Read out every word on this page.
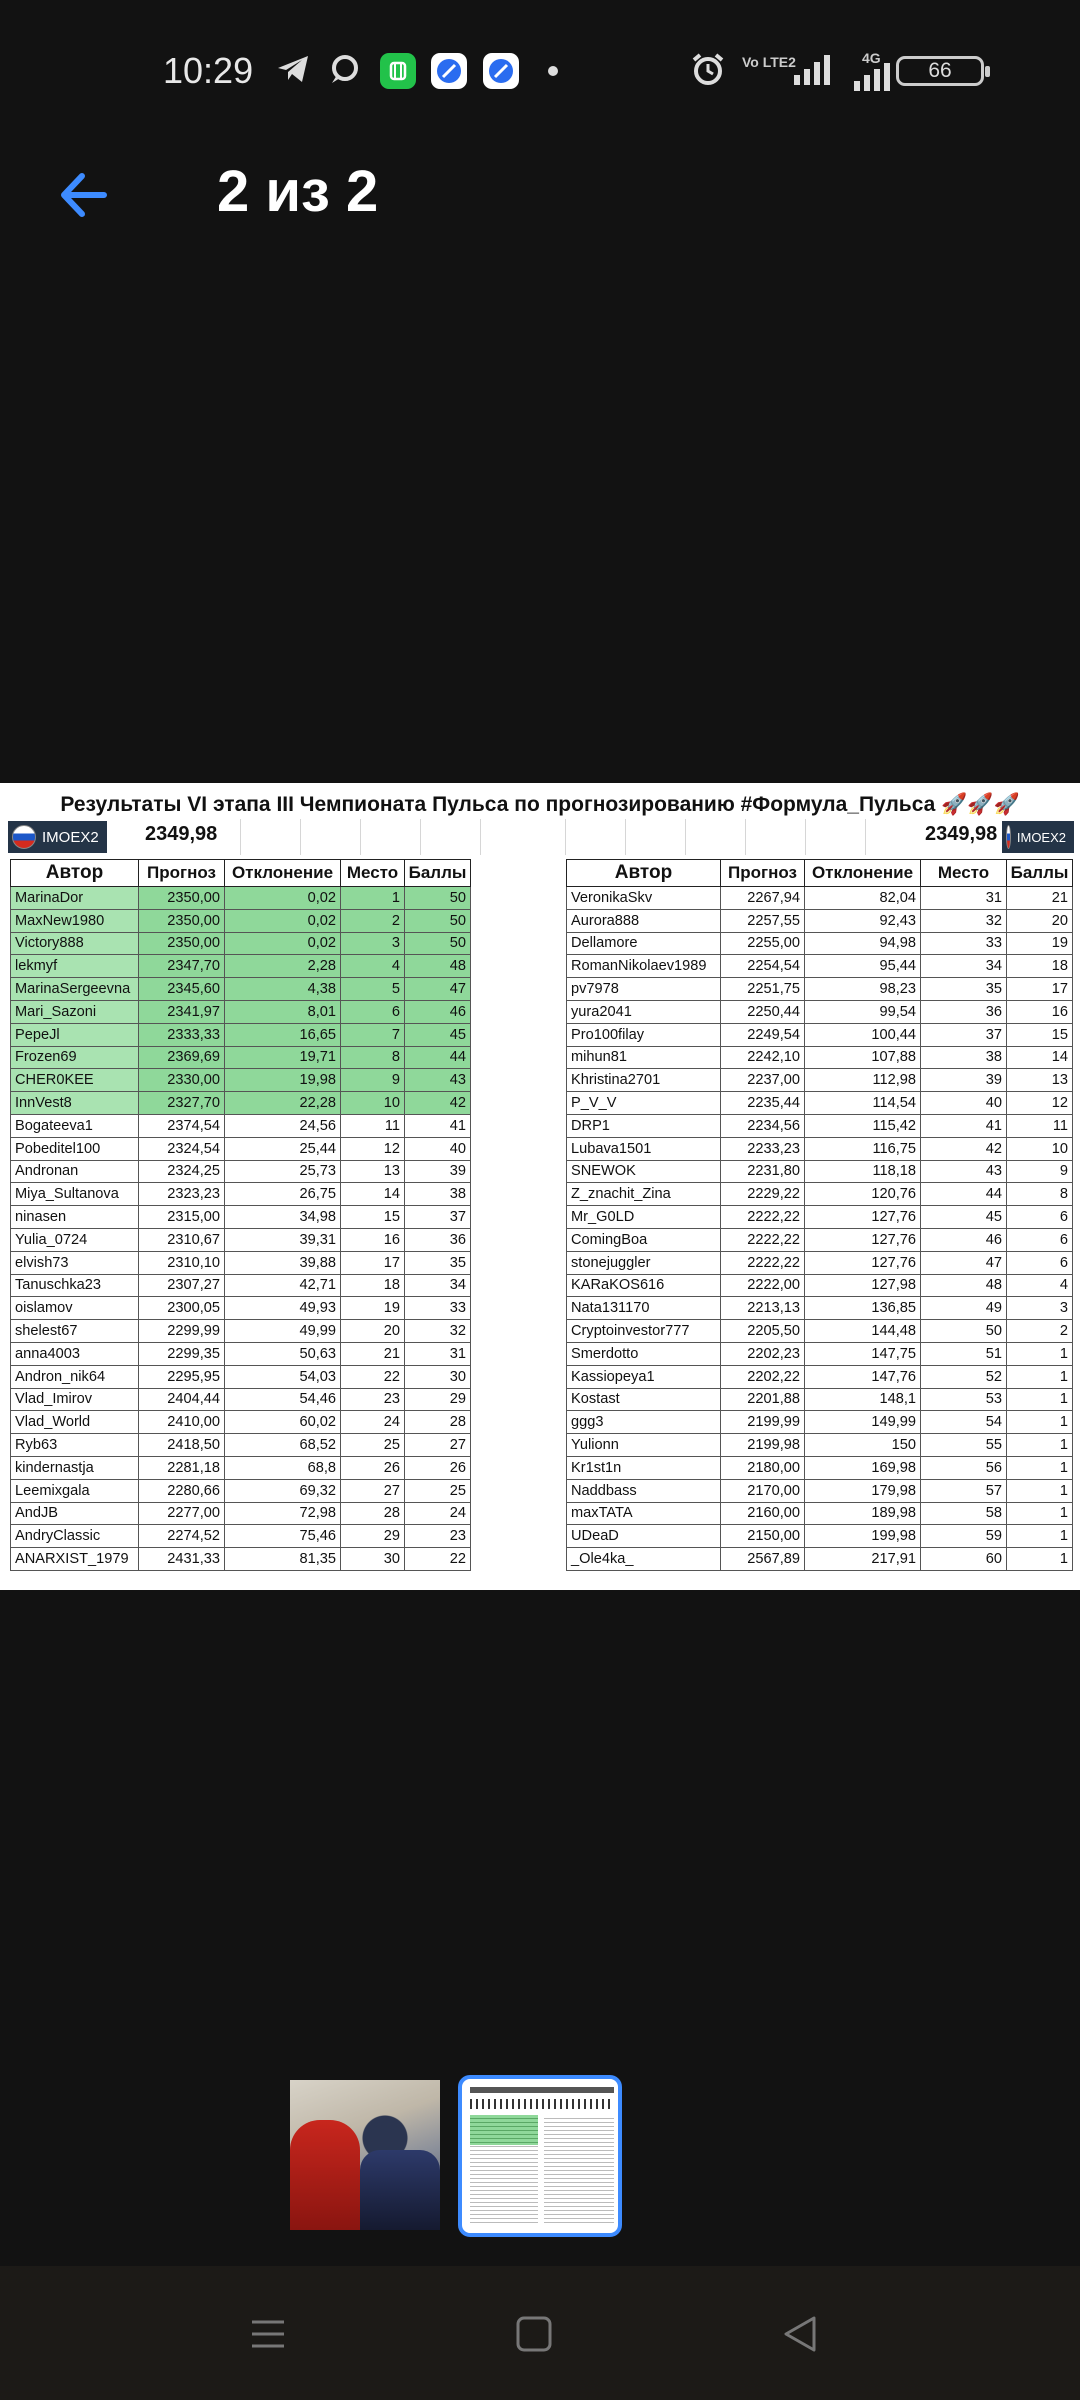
10:29	Vo LTE2	4G
66
2 из 2
Результаты VI этапа III Чемпионата Пульса по прогнозированию #Формула_Пульса 🚀🚀🚀
IMOEX2 2349,98	2349,98 IMOEX2
Автор	Прогноз	Отклонение	Место	Баллы
MarinaDor	2350,00	0,02	1	50
MaxNew1980	2350,00	0,02	2	50
Victory888	2350,00	0,02	3	50
lekmyf	2347,70	2,28	4	48
MarinaSergeevna	2345,60	4,38	5	47
Mari_Sazoni	2341,97	8,01	6	46
PepeJl	2333,33	16,65	7	45
Frozen69	2369,69	19,71	8	44
CHER0KEE	2330,00	19,98	9	43
InnVest8	2327,70	22,28	10	42
Bogateeva1	2374,54	24,56	11	41
Pobeditel100	2324,54	25,44	12	40
Andronan	2324,25	25,73	13	39
Miya_Sultanova	2323,23	26,75	14	38
ninasen	2315,00	34,98	15	37
Yulia_0724	2310,67	39,31	16	36
elvish73	2310,10	39,88	17	35
Tanuschka23	2307,27	42,71	18	34
oislamov	2300,05	49,93	19	33
shelest67	2299,99	49,99	20	32
anna4003	2299,35	50,63	21	31
Andron_nik64	2295,95	54,03	22	30
Vlad_Imirov	2404,44	54,46	23	29
Vlad_World	2410,00	60,02	24	28
Ryb63	2418,50	68,52	25	27
kindernastja	2281,18	68,8	26	26
Leemixgala	2280,66	69,32	27	25
AndJB	2277,00	72,98	28	24
AndryClassic	2274,52	75,46	29	23
ANARXIST_1979	2431,33	81,35	30	22
Автор	Прогноз	Отклонение	Место	Баллы
VeronikaSkv	2267,94	82,04	31	21
Aurora888	2257,55	92,43	32	20
Dellamore	2255,00	94,98	33	19
RomanNikolaev1989	2254,54	95,44	34	18
pv7978	2251,75	98,23	35	17
yura2041	2250,44	99,54	36	16
Pro100filay	2249,54	100,44	37	15
mihun81	2242,10	107,88	38	14
Khristina2701	2237,00	112,98	39	13
P_V_V	2235,44	114,54	40	12
DRP1	2234,56	115,42	41	11
Lubava1501	2233,23	116,75	42	10
SNEWOK	2231,80	118,18	43	9
Z_znachit_Zina	2229,22	120,76	44	8
Mr_G0LD	2222,22	127,76	45	6
ComingBoa	2222,22	127,76	46	6
stonejuggler	2222,22	127,76	47	6
KARaKOS616	2222,00	127,98	48	4
Nata131170	2213,13	136,85	49	3
Cryptoinvestor777	2205,50	144,48	50	2
Smerdotto	2202,23	147,75	51	1
Kassiopeya1	2202,22	147,76	52	1
Kostast	2201,88	148,1	53	1
ggg3	2199,99	149,99	54	1
Yulionn	2199,98	150	55	1
Kr1st1n	2180,00	169,98	56	1
Naddbass	2170,00	179,98	57	1
maxTATA	2160,00	189,98	58	1
UDeaD	2150,00	199,98	59	1
_Ole4ka_	2567,89	217,91	60	1
